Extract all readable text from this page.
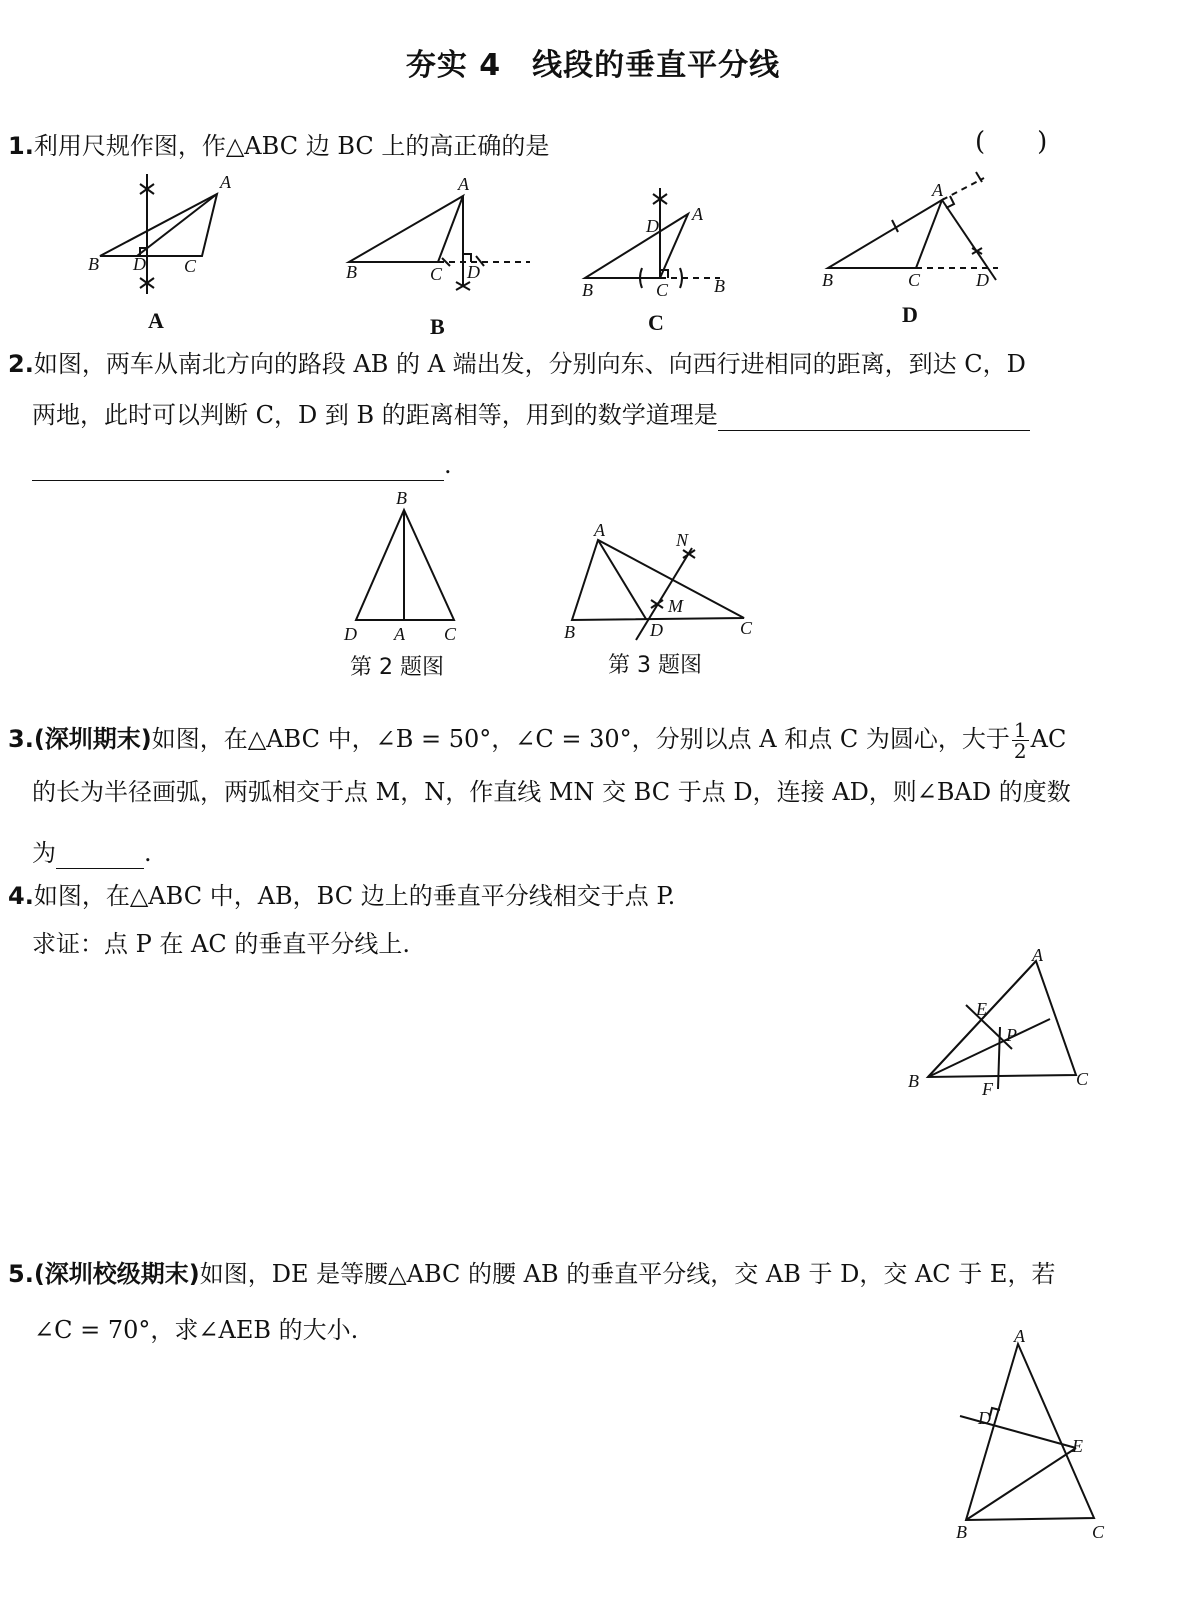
夯实 4　线段的垂直平分线
1.利用尺规作图，作△ABC 边 BC 上的高正确的是	(　　)
A
B D C
A
B	C D
A
D
B	C	B
A
B	C	D
A	B	C	D
2.如图，两车从南北方向的路段 AB 的 A 端出发，分别向东、向西行进相同的距离，到达 C，D
两地，此时可以判断 C，D 到 B 的距离相等，用到的数学道理是
.
B
D A C
第 2 题图
A	N
M
B	D	C
第 3 题图
3.(深圳期末)如图，在△ABC 中，∠B = 50°，∠C = 30°，分别以点 A 和点 C 为圆心，大于 $\frac{1}{2}$ AC
的长为半径画弧，两弧相交于点 M，N，作直线 MN 交 BC 于点 D，连接 AD，则∠BAD 的度数
为	.
4.如图，在△ABC 中，AB，BC 边上的垂直平分线相交于点 P.
求证：点 P 在 AC 的垂直平分线上.	A
E
P
B	F	C
5.(深圳校级期末)如图，DE 是等腰△ABC 的腰 AB 的垂直平分线，交 AB 于 D，交 AC 于 E，若
∠C = 70°，求∠AEB 的大小.	A
D
E
B	C
